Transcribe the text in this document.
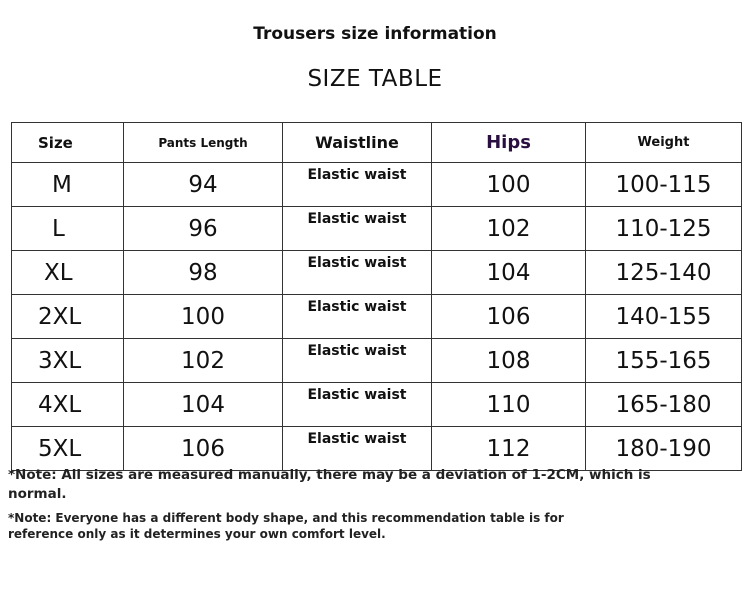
Trousers size information
SIZE TABLE
Size	Pants Length	Waistline	Hips	Weight
M	94	Elastic waist	100	100-115
L	96	Elastic waist	102	110-125
XL	98	Elastic waist	104	125-140
2XL	100	Elastic waist	106	140-155
3XL	102	Elastic waist	108	155-165
4XL	104	Elastic waist	110	165-180
5XL	106	Elastic waist	112	180-190
*Note: All sizes are measured manually, there may be a deviation of 1-2CM, which is normal.
*Note: Everyone has a different body shape, and this recommendation table is for reference only as it determines your own comfort level.
